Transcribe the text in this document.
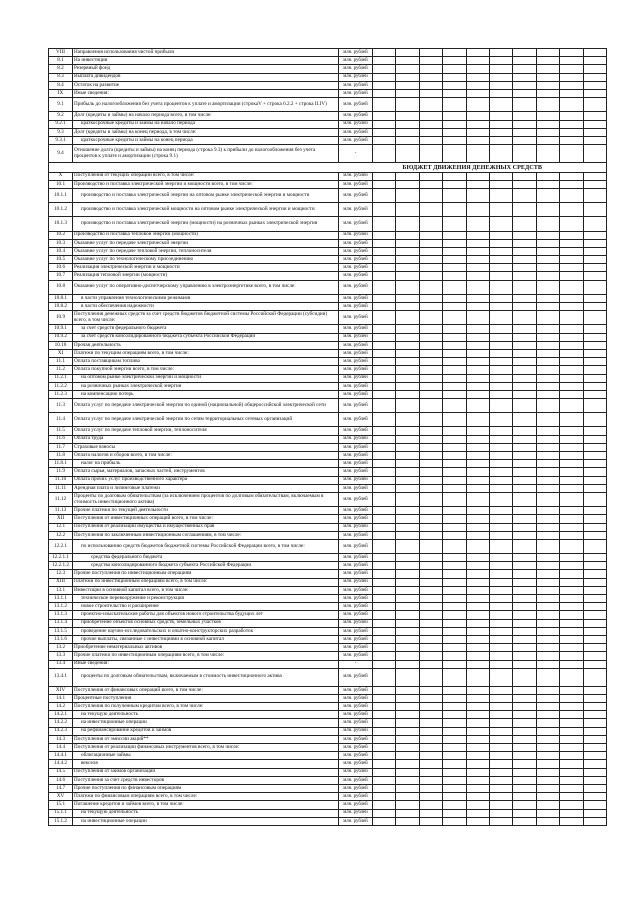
VIII	Направления использования чистой прибыли	млн. рублей										
8.1	На инвестиции	млн. рублей										
8.2	Резервный фонд	млн. рублей										
8.3	Выплата дивидендов	млн. рублей										
8.4	Остаток на развитие	млн. рублей										
IX	Иные сведения:	млн. рублей										
9.1	Прибыль до налогообложения без учета процентов к уплате и амортизации (строкаV + строка 6.2.2 + строка II.IV)	млн. рублей										
9.2	Долг (кредиты и займы) на начало периода всего, в том числе:	млн. рублей										
9.2.1	краткосрочные кредиты и займы на начало периода	млн. рублей										
9.3	Долг (кредиты и займы) на конец периода, в том числе:	млн. рублей										
9.3.1	краткосрочные кредиты и займы на конец периода	млн. рублей										
9.4	Отношение долга (кредиты и займы) на конец периода (строка 9.3) к прибыли до налогообложения без учета процентов к уплате и амортизации (строка 9.1)	-										
		БЮДЖЕТ ДВИЖЕНИЯ ДЕНЕЖНЫХ СРЕДСТВ										
X	Поступления от текущих операций всего, в том числе:	млн. рублей										
10.1	Производство и поставка электрической энергии и мощности всего, в том числе:	млн. рублей										
10.1.1	производство и поставка электрической энергии на оптовом рынке электрической энергии и мощности	млн. рублей										
10.1.2	производство и поставка электрической мощности на оптовом рынке электрической энергии и мощности	млн. рублей										
10.1.3	производство и поставка электрической энергии (мощности) на розничных рынках электрической энергии	млн. рублей										
10.2	Производство и поставка тепловой энергии (мощности)	млн. рублей										
10.3	Оказание услуг по передаче электрической энергии	млн. рублей										
10.4	Оказание услуг по передаче тепловой энергии, теплоносителя	млн. рублей										
10.5	Оказание услуг по технологическому присоединению	млн. рублей										
10.6	Реализация электрической энергии и мощности	млн. рублей										
10.7	Реализация тепловой энергии (мощности)	млн. рублей										
10.8	Оказание услуг по оперативно-диспетчерскому управлению в электроэнергетике всего, в том числе:	млн. рублей										
10.8.1	в части управления технологическими режимами	млн. рублей										
10.8.2	в части обеспечения надежности	млн. рублей										
10.9	Поступления денежных средств за счет средств бюджетов бюджетной системы Российской Федерации (субсидии) всего, в том числе:	млн. рублей										
10.9.1	за счет средств федерального бюджета	млн. рублей										
10.9.2	за счет средств консолидированного бюджета субъекта Российской Федерации	млн. рублей										
10.10	Прочая деятельность	млн. рублей										
XI	Платежи по текущим операциям всего, в том числе:	млн. рублей										
11.1	Оплата поставщикам топлива	млн. рублей										
11.2	Оплата покупной энергии всего, в том числе:	млн. рублей										
11.2.1	на оптовом рынке электрической энергии и мощности	млн. рублей										
11.2.2	на розничных рынках электрической энергии	млн. рублей										
11.2.3	на компенсацию потерь	млн. рублей										
11.3	Оплата услуг по передаче электрической энергии по единой (национальной) общероссийской электрической сети	млн. рублей										
11.4	Оплата услуг по передаче электрической энергии по сетям территориальных сетевых организаций	млн. рублей										
11.5	Оплата услуг по передаче тепловой энергии, теплоносителя	млн. рублей										
11.6	Оплата труда	млн. рублей										
11.7	Страховые взносы	млн. рублей										
11.8	Оплата налогов и сборов всего, в том числе:	млн. рублей										
11.8.1	налог на прибыль	млн. рублей										
11.9	Оплата сырья, материалов, запасных частей, инструментов	млн. рублей										
11.10	Оплата прочих услуг производственного характера	млн. рублей										
11.11	Арендная плата и лизинговые платежи	млн. рублей										
11.12	Проценты по долговым обязательствам (за исключением процентов по долговым обязательствам, включаемым в стоимость инвестиционного актива)	млн. рублей										
11.13	Прочие платежи по текущей деятельности	млн. рублей										
XII	Поступления от инвестиционных операций всего, в том числе:	млн. рублей										
12.1	Поступления от реализации имущества и имущественных прав	млн. рублей										
12.2	Поступления по заключенным инвестиционным соглашениям, в том числе:	млн. рублей										
12.2.1	по использованию средств бюджетов бюджетной системы Российской Федерации всего, в том числе:	млн. рублей										
12.2.1.1	средства федерального бюджета	млн. рублей										
12.2.1.2	средства консолидированного бюджета субъекта Российской Федерации	млн. рублей										
12.3	Прочие поступления по инвестиционным операциям	млн. рублей										
XIII	Платежи по инвестиционным операциям всего, в том числе:	млн. рублей										
13.1	Инвестиции в основной капитал всего, в том числе:	млн. рублей										
13.1.1	техническое перевооружение и реконструкция	млн. рублей										
13.1.2	новое строительство и расширение	млн. рублей										
13.1.3	проектно-изыскательские работы для объектов нового строительства будущих лет	млн. рублей										
13.1.4	приобретение объектов основных средств, земельных участков	млн. рублей										
13.1.5	проведение научно-исследовательских и опытно-конструкторских разработок	млн. рублей										
13.1.6	прочие выплаты, связанные с инвестициями в основной капитал	млн. рублей										
13.2	Приобретение нематериальных активов	млн. рублей										
13.3	Прочие платежи по инвестиционным операциям всего, в том числе:	млн. рублей										
13.4	Иные сведения:	-										
13.4.1	проценты по долговым обязательствам, включаемым в стоимость инвестиционного актива	млн. рублей										
XIV	Поступления от финансовых операций всего, в том числе:	млн. рублей										
14.1	Процентные поступления	млн. рублей										
14.2	Поступления по полученным кредитам всего, в том числе:	млн. рублей										
14.2.1	на текущую деятельность	млн. рублей										
14.2.2	на инвестиционные операции	млн. рублей										
14.2.3	на рефинансирование кредитов и займов	млн. рублей										
14.3	Поступления от эмиссии акций**	млн. рублей										
14.4	Поступления от реализации финансовых инструментов всего, в том числе:	млн. рублей										
14.4.1	облигационные займы	млн. рублей										
14.4.2	векселя	млн. рублей										
14.5	Поступления от займов организаций	млн. рублей										
14.6	Поступления за счет средств инвесторов	млн. рублей										
14.7	Прочие поступления по финансовым операциям	млн. рублей										
XV	Платежи по финансовым операциям всего, в том числе:	млн. рублей										
15.1	Погашение кредитов и займов всего, в том числе:	млн. рублей										
15.1.1	на текущую деятельность	млн. рублей										
15.1.2	на инвестиционные операции	млн. рублей										
